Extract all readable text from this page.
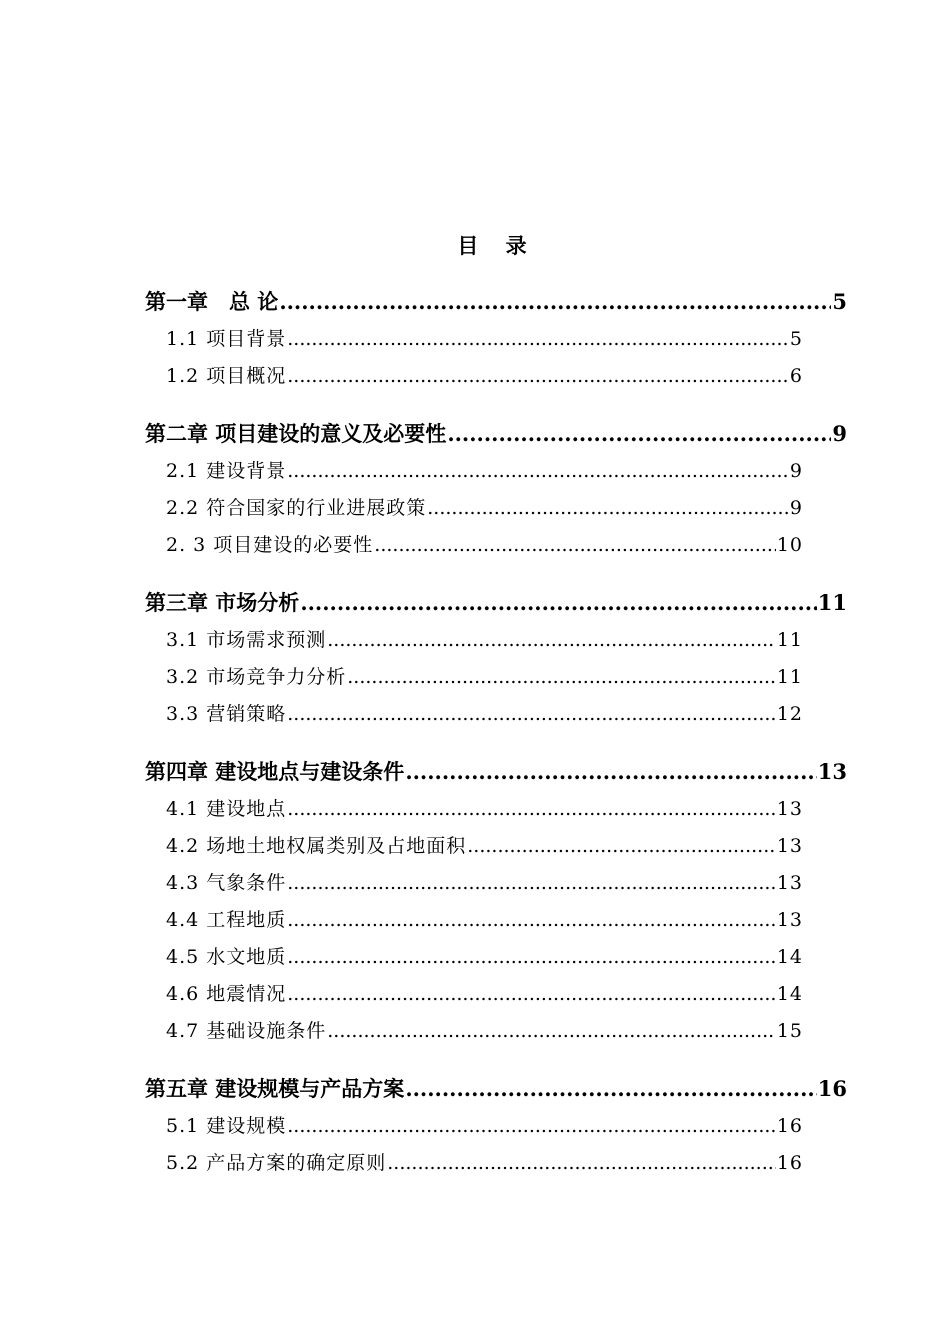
目 录
第一章　总 论 .....	5
1.1 项目背景 .....	5
1.2 项目概况 .....	6
第二章 项目建设的意义及必要性 .....	9
2.1 建设背景 .....	9
2.2 符合国家的行业进展政策 .....	9
2. 3 项目建设的必要性 .....	10
第三章 市场分析 .....	11
3.1 市场需求预测 .....	11
3.2 市场竞争力分析 .....	11
3.3 营销策略 .....	12
第四章 建设地点与建设条件 .....	13
4.1 建设地点 .....	13
4.2 场地土地权属类别及占地面积 .....	13
4.3 气象条件 .....	13
4.4 工程地质 .....	13
4.5 水文地质 .....	14
4.6 地震情况 .....	14
4.7 基础设施条件 .....	15
第五章 建设规模与产品方案 .....	16
5.1 建设规模 .....	16
5.2 产品方案的确定原则 .....	16
